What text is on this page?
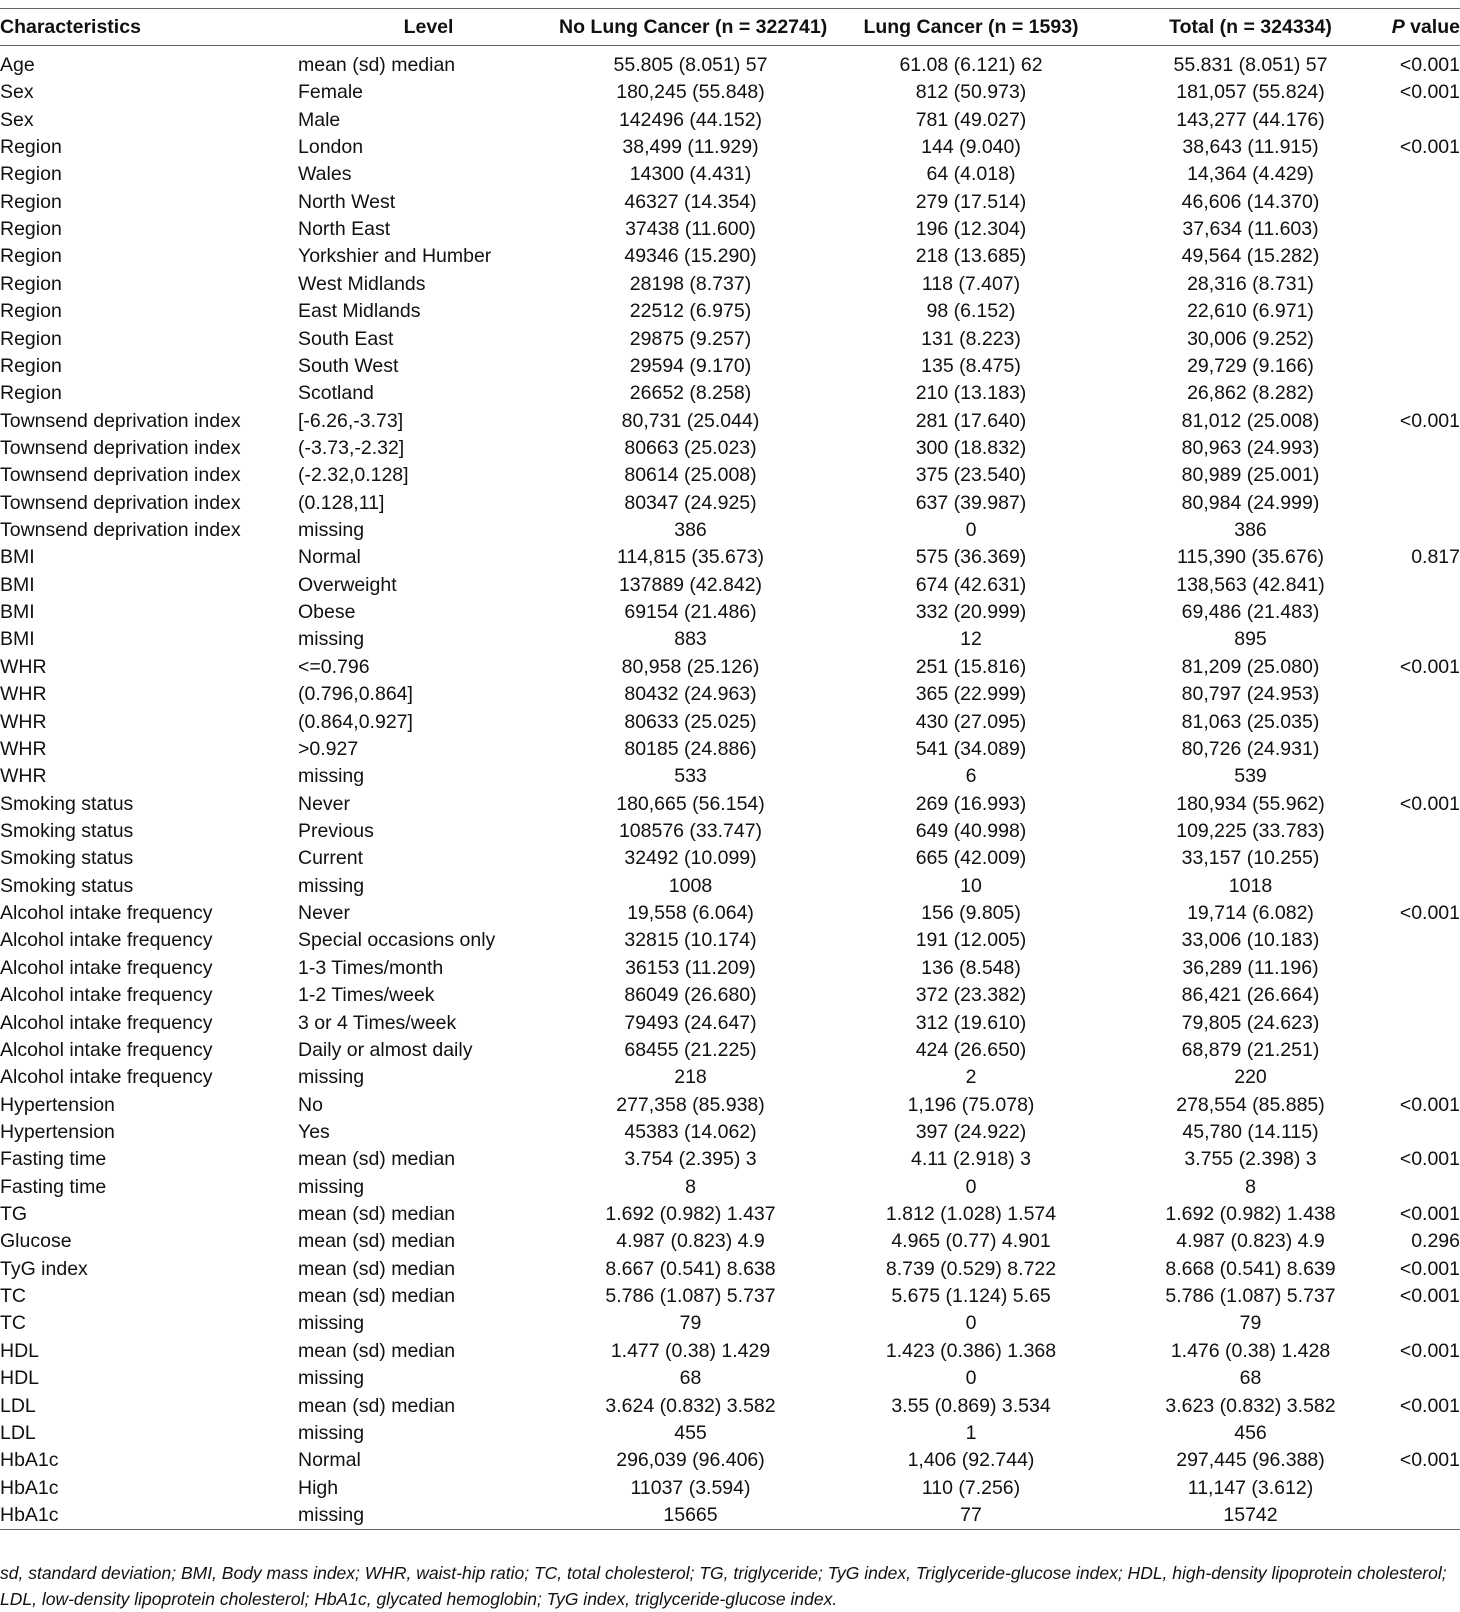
Characteristics	Level	No Lung Cancer (n = 322741)	Lung Cancer (n = 1593)	Total (n = 324334)	P value
Age	mean (sd) median	55.805 (8.051) 57	61.08 (6.121) 62	55.831 (8.051) 57	<0.001
Sex	Female	180,245 (55.848)	812 (50.973)	181,057 (55.824)	<0.001
Sex	Male	142496 (44.152)	781 (49.027)	143,277 (44.176)	
Region	London	38,499 (11.929)	144 (9.040)	38,643 (11.915)	<0.001
Region	Wales	14300 (4.431)	64 (4.018)	14,364 (4.429)	
Region	North West	46327 (14.354)	279 (17.514)	46,606 (14.370)	
Region	North East	37438 (11.600)	196 (12.304)	37,634 (11.603)	
Region	Yorkshier and Humber	49346 (15.290)	218 (13.685)	49,564 (15.282)	
Region	West Midlands	28198 (8.737)	118 (7.407)	28,316 (8.731)	
Region	East Midlands	22512 (6.975)	98 (6.152)	22,610 (6.971)	
Region	South East	29875 (9.257)	131 (8.223)	30,006 (9.252)	
Region	South West	29594 (9.170)	135 (8.475)	29,729 (9.166)	
Region	Scotland	26652 (8.258)	210 (13.183)	26,862 (8.282)	
Townsend deprivation index	[-6.26,-3.73]	80,731 (25.044)	281 (17.640)	81,012 (25.008)	<0.001
Townsend deprivation index	(-3.73,-2.32]	80663 (25.023)	300 (18.832)	80,963 (24.993)	
Townsend deprivation index	(-2.32,0.128]	80614 (25.008)	375 (23.540)	80,989 (25.001)	
Townsend deprivation index	(0.128,11]	80347 (24.925)	637 (39.987)	80,984 (24.999)	
Townsend deprivation index	missing	386	0	386	
BMI	Normal	114,815 (35.673)	575 (36.369)	115,390 (35.676)	0.817
BMI	Overweight	137889 (42.842)	674 (42.631)	138,563 (42.841)	
BMI	Obese	69154 (21.486)	332 (20.999)	69,486 (21.483)	
BMI	missing	883	12	895	
WHR	<=0.796	80,958 (25.126)	251 (15.816)	81,209 (25.080)	<0.001
WHR	(0.796,0.864]	80432 (24.963)	365 (22.999)	80,797 (24.953)	
WHR	(0.864,0.927]	80633 (25.025)	430 (27.095)	81,063 (25.035)	
WHR	>0.927	80185 (24.886)	541 (34.089)	80,726 (24.931)	
WHR	missing	533	6	539	
Smoking status	Never	180,665 (56.154)	269 (16.993)	180,934 (55.962)	<0.001
Smoking status	Previous	108576 (33.747)	649 (40.998)	109,225 (33.783)	
Smoking status	Current	32492 (10.099)	665 (42.009)	33,157 (10.255)	
Smoking status	missing	1008	10	1018	
Alcohol intake frequency	Never	19,558 (6.064)	156 (9.805)	19,714 (6.082)	<0.001
Alcohol intake frequency	Special occasions only	32815 (10.174)	191 (12.005)	33,006 (10.183)	
Alcohol intake frequency	1-3 Times/month	36153 (11.209)	136 (8.548)	36,289 (11.196)	
Alcohol intake frequency	1-2 Times/week	86049 (26.680)	372 (23.382)	86,421 (26.664)	
Alcohol intake frequency	3 or 4 Times/week	79493 (24.647)	312 (19.610)	79,805 (24.623)	
Alcohol intake frequency	Daily or almost daily	68455 (21.225)	424 (26.650)	68,879 (21.251)	
Alcohol intake frequency	missing	218	2	220	
Hypertension	No	277,358 (85.938)	1,196 (75.078)	278,554 (85.885)	<0.001
Hypertension	Yes	45383 (14.062)	397 (24.922)	45,780 (14.115)	
Fasting time	mean (sd) median	3.754 (2.395) 3	4.11 (2.918) 3	3.755 (2.398) 3	<0.001
Fasting time	missing	8	0	8	
TG	mean (sd) median	1.692 (0.982) 1.437	1.812 (1.028) 1.574	1.692 (0.982) 1.438	<0.001
Glucose	mean (sd) median	4.987 (0.823) 4.9	4.965 (0.77) 4.901	4.987 (0.823) 4.9	0.296
TyG index	mean (sd) median	8.667 (0.541) 8.638	8.739 (0.529) 8.722	8.668 (0.541) 8.639	<0.001
TC	mean (sd) median	5.786 (1.087) 5.737	5.675 (1.124) 5.65	5.786 (1.087) 5.737	<0.001
TC	missing	79	0	79	
HDL	mean (sd) median	1.477 (0.38) 1.429	1.423 (0.386) 1.368	1.476 (0.38) 1.428	<0.001
HDL	missing	68	0	68	
LDL	mean (sd) median	3.624 (0.832) 3.582	3.55 (0.869) 3.534	3.623 (0.832) 3.582	<0.001
LDL	missing	455	1	456	
HbA1c	Normal	296,039 (96.406)	1,406 (92.744)	297,445 (96.388)	<0.001
HbA1c	High	11037 (3.594)	110 (7.256)	11,147 (3.612)	
HbA1c	missing	15665	77	15742	
sd, standard deviation; BMI, Body mass index; WHR, waist-hip ratio; TC, total cholesterol; TG, triglyceride; TyG index, Triglyceride-glucose index; HDL, high-density lipoprotein cholesterol; LDL, low-density lipoprotein cholesterol; HbA1c, glycated hemoglobin; TyG index, triglyceride-glucose index.
